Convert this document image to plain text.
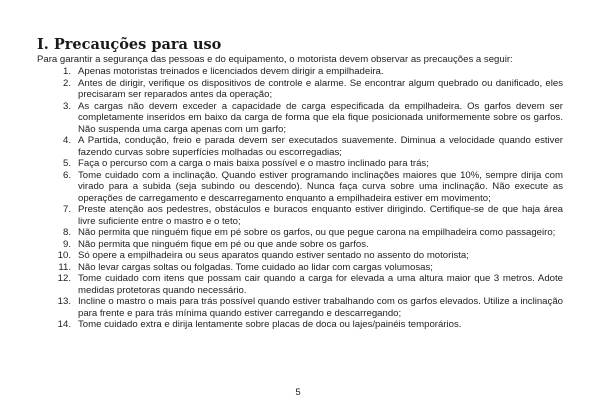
I. Precauções para uso
Para garantir a segurança das pessoas e do equipamento, o motorista devem observar as precauções a seguir:
1. Apenas motoristas treinados e licenciados devem dirigir a empilhadeira.
2. Antes de dirigir, verifique os dispositivos de controle e alarme. Se encontrar algum quebrado ou danificado, eles precisaram ser reparados antes da operação;
3. As cargas não devem exceder a capacidade de carga especificada da empilhadeira. Os garfos devem ser completamente inseridos em baixo da carga de forma que ela fique posicionada uniformemente sobre os garfos. Não suspenda uma carga apenas com um garfo;
4. A Partida, condução, freio e parada devem ser executados suavemente. Diminua a velocidade quando estiver fazendo curvas sobre superfícies molhadas ou escorregadias;
5. Faça o percurso com a carga o mais baixa possível e o mastro inclinado para trás;
6. Tome cuidado com a inclinação. Quando estiver programando inclinações maiores que 10%, sempre dirija com virado para a subida (seja subindo ou descendo). Nunca faça curva sobre uma inclinação. Não execute as operações de carregamento e descarregamento enquanto a empilhadeira estiver em movimento;
7. Preste atenção aos pedestres, obstáculos e buracos enquanto estiver dirigindo. Certifique-se de que haja área livre suficiente entre o mastro e o teto;
8. Não permita que ninguém fique em pé sobre os garfos, ou que pegue carona na empilhadeira como passageiro;
9. Não permita que ninguém fique em pé ou que ande sobre os garfos.
10. Só opere a empilhadeira ou seus aparatos quando estiver sentado no assento do motorista;
11. Não levar cargas soltas ou folgadas. Tome cuidado ao lidar com cargas volumosas;
12. Tome cuidado com itens que possam cair quando a carga for elevada a uma altura maior que 3 metros. Adote medidas protetoras quando necessário.
13. Incline o mastro o mais para trás possível quando estiver trabalhando com os garfos elevados. Utilize a inclinação para frente e para trás mínima quando estiver carregando e descarregando;
14. Tome cuidado extra e dirija lentamente sobre placas de doca ou lajes/painéis temporários.
5
